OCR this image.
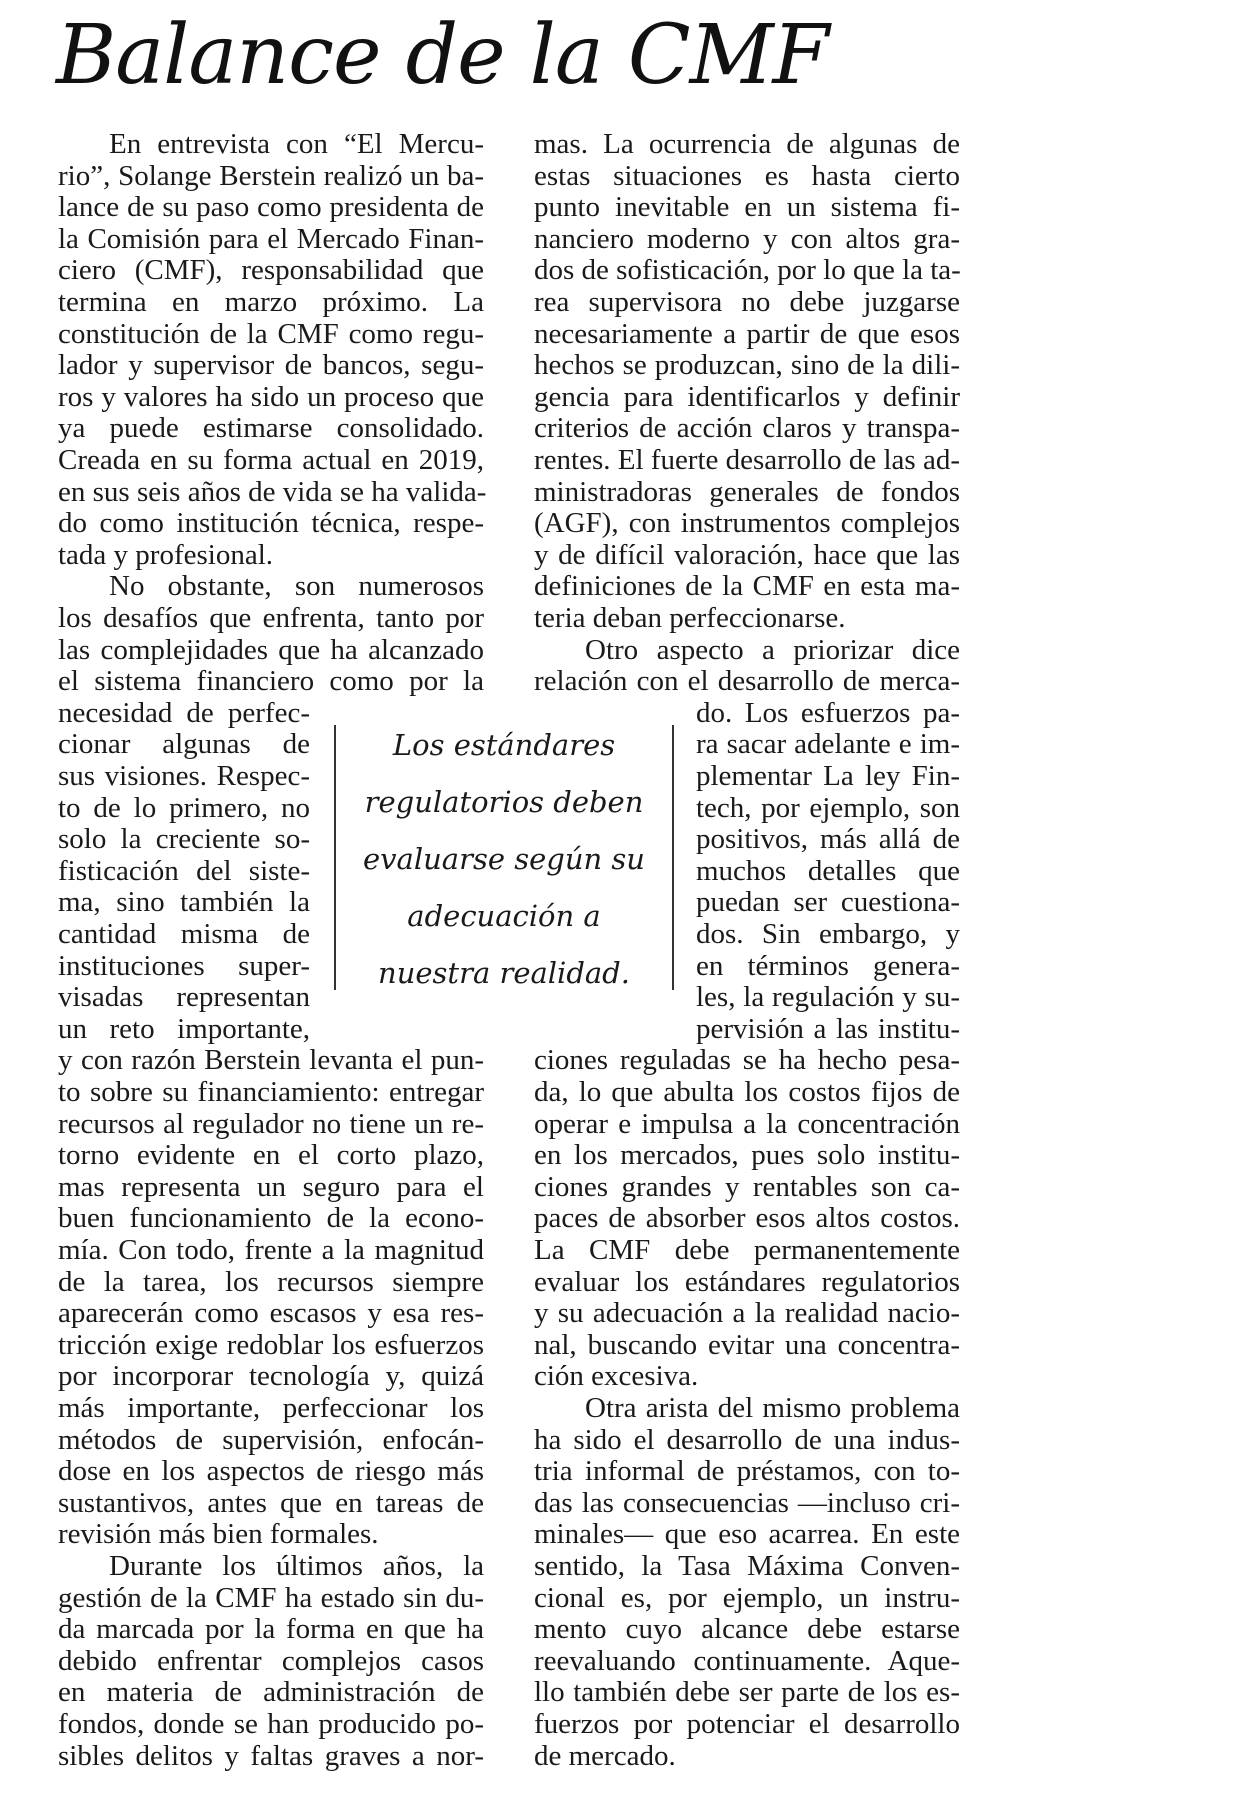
Balance de la CMF

En entrevista con “El Mercu-

rio”, Solange Berstein realizó un ba-

lance de su paso como presidenta de

la Comisión para el Mercado Finan-

ciero (CMF), responsabilidad que

termina en marzo próximo. La

constitución de la CMF como regu-

lador y supervisor de bancos, segu-

ros y valores ha sido un proceso que

ya puede estimarse consolidado.

Creada en su forma actual en 2019,

en sus seis años de vida se ha valida-

do como institución técnica, respe-

tada y profesional.

No obstante, son numerosos

los desafíos que enfrenta, tanto por

las complejidades que ha alcanzado

el sistema financiero como por la

necesidad de perfec-

cionar algunas de

sus visiones. Respec-

to de lo primero, no

solo la creciente so-

fisticación del siste-

ma, sino también la

cantidad misma de

instituciones super-

visadas representan

un reto importante,

y con razón Berstein levanta el pun-

to sobre su financiamiento: entregar

recursos al regulador no tiene un re-

torno evidente en el corto plazo,

mas representa un seguro para el

buen funcionamiento de la econo-

mía. Con todo, frente a la magnitud

de la tarea, los recursos siempre

aparecerán como escasos y esa res-

tricción exige redoblar los esfuerzos

por incorporar tecnología y, quizá

más importante, perfeccionar los

métodos de supervisión, enfocán-

dose en los aspectos de riesgo más

sustantivos, antes que en tareas de

revisión más bien formales.

Durante los últimos años, la

gestión de la CMF ha estado sin du-

da marcada por la forma en que ha

debido enfrentar complejos casos

en materia de administración de

fondos, donde se han producido po-

sibles delitos y faltas graves a nor-

mas. La ocurrencia de algunas de

estas situaciones es hasta cierto

punto inevitable en un sistema fi-

nanciero moderno y con altos gra-

dos de sofisticación, por lo que la ta-

rea supervisora no debe juzgarse

necesariamente a partir de que esos

hechos se produzcan, sino de la dili-

gencia para identificarlos y definir

criterios de acción claros y transpa-

rentes. El fuerte desarrollo de las ad-

ministradoras generales de fondos

(AGF), con instrumentos complejos

y de difícil valoración, hace que las

definiciones de la CMF en esta ma-

teria deban perfeccionarse.

Otro aspecto a priorizar dice

relación con el desarrollo de merca-

do. Los esfuerzos pa-

ra sacar adelante e im-

plementar La ley Fin-

tech, por ejemplo, son

positivos, más allá de

muchos detalles que

puedan ser cuestiona-

dos. Sin embargo, y

en términos genera-

les, la regulación y su-

pervisión a las institu-

ciones reguladas se ha hecho pesa-

da, lo que abulta los costos fijos de

operar e impulsa a la concentración

en los mercados, pues solo institu-

ciones grandes y rentables son ca-

paces de absorber esos altos costos.

La CMF debe permanentemente

evaluar los estándares regulatorios

y su adecuación a la realidad nacio-

nal, buscando evitar una concentra-

ción excesiva.

Otra arista del mismo problema

ha sido el desarrollo de una indus-

tria informal de préstamos, con to-

das las consecuencias —incluso cri-

minales— que eso acarrea. En este

sentido, la Tasa Máxima Conven-

cional es, por ejemplo, un instru-

mento cuyo alcance debe estarse

reevaluando continuamente. Aque-

llo también debe ser parte de los es-

fuerzos por potenciar el desarrollo

de mercado.

Los estándares

regulatorios deben

evaluarse según su

adecuación a

nuestra realidad.
